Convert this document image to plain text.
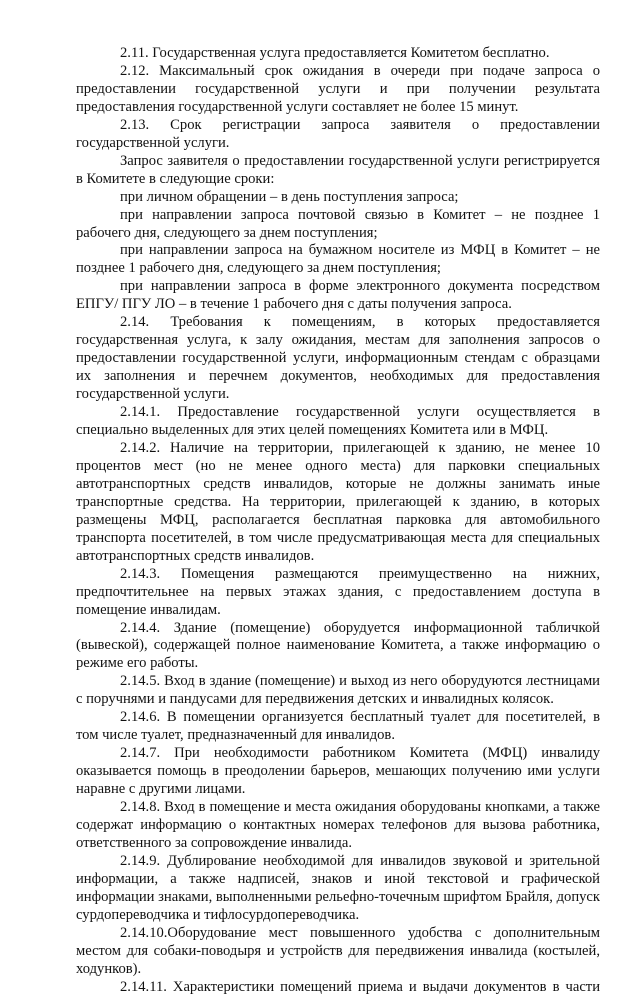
2.11. Государственная услуга предоставляется Комитетом бесплатно.

2.12. Максимальный срок ожидания в очереди при подаче запроса о предоставлении государственной услуги и при получении результата предоставления государственной услуги составляет не более 15 минут.

2.13. Срок регистрации запроса заявителя о предоставлении государственной услуги.

Запрос заявителя о предоставлении государственной услуги регистрируется в Комитете в следующие сроки:

при личном обращении – в день поступления запроса;

при направлении запроса почтовой связью в Комитет – не позднее 1 рабочего дня, следующего за днем поступления;

при направлении запроса на бумажном носителе из МФЦ в Комитет – не позднее 1 рабочего дня, следующего за днем поступления;

при направлении запроса в форме электронного документа посредством ЕПГУ/ ПГУ ЛО – в течение 1 рабочего дня с даты получения запроса.

2.14. Требования к помещениям, в которых предоставляется государственная услуга, к залу ожидания, местам для заполнения запросов о предоставлении государственной услуги, информационным стендам с образцами их заполнения и перечнем документов, необходимых для предоставления государственной услуги.

2.14.1. Предоставление государственной услуги осуществляется в специально выделенных для этих целей помещениях Комитета или в МФЦ.

2.14.2. Наличие на территории, прилегающей к зданию, не менее 10 процентов мест (но не менее одного места) для парковки специальных автотранспортных средств инвалидов, которые не должны занимать иные транспортные средства. На территории, прилегающей к зданию, в которых размещены МФЦ, располагается бесплатная парковка для автомобильного транспорта посетителей, в том числе предусматривающая места для специальных автотранспортных средств инвалидов.

2.14.3. Помещения размещаются преимущественно на нижних, предпочтительнее на первых этажах здания, с предоставлением доступа в помещение инвалидам.

2.14.4. Здание (помещение) оборудуется информационной табличкой (вывеской), содержащей полное наименование Комитета, а также информацию о режиме его работы.

2.14.5. Вход в здание (помещение) и выход из него оборудуются лестницами с поручнями и пандусами для передвижения детских и инвалидных колясок.

2.14.6. В помещении организуется бесплатный туалет для посетителей, в том числе туалет, предназначенный для инвалидов.

2.14.7. При необходимости работником Комитета (МФЦ) инвалиду оказывается помощь в преодолении барьеров, мешающих получению ими услуги наравне с другими лицами.

2.14.8. Вход в помещение и места ожидания оборудованы кнопками, а также содержат информацию о контактных номерах телефонов для вызова работника, ответственного за сопровождение инвалида.

2.14.9. Дублирование необходимой для инвалидов звуковой и зрительной информации, а также надписей, знаков и иной текстовой и графической информации знаками, выполненными рельефно-точечным шрифтом Брайля, допуск сурдопереводчика и тифлосурдопереводчика.

2.14.10.Оборудование мест повышенного удобства с дополнительным местом для собаки-поводыря и устройств для передвижения инвалида (костылей, ходунков).

2.14.11. Характеристики помещений приема и выдачи документов в части
